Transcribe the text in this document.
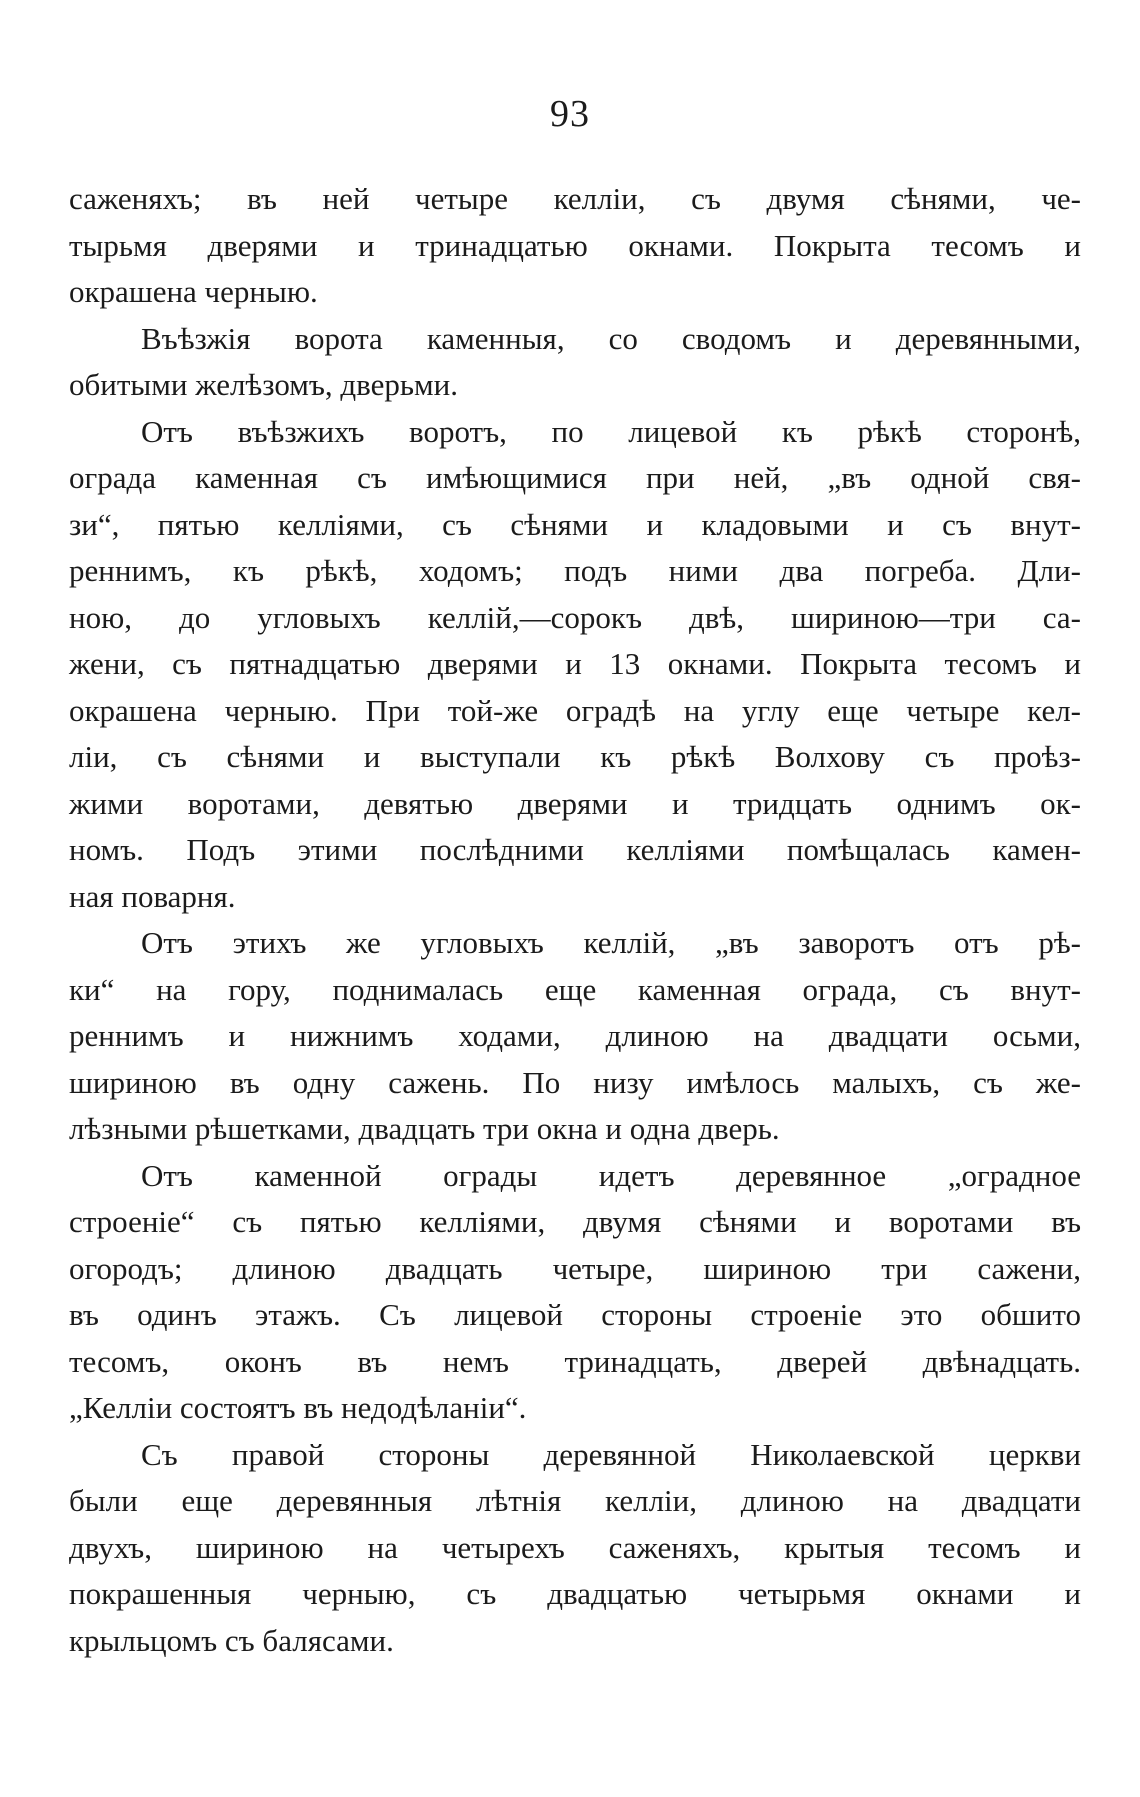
93
саженяхъ; въ ней четыре келліи, съ двумя сѣнями, че-
тырьмя дверями и тринадцатью окнами. Покрыта тесомъ и
окрашена черныю.
Въѣзжія ворота каменныя, со сводомъ и деревянными,
обитыми желѣзомъ, дверьми.
Отъ въѣзжихъ воротъ, по лицевой къ рѣкѣ сторонѣ,
ограда каменная съ имѣющимися при ней, „въ одной свя-
зи“, пятью келліями, съ сѣнями и кладовыми и съ внут-
реннимъ, къ рѣкѣ, ходомъ; подъ ними два погреба. Дли-
ною, до угловыхъ келлій,—сорокъ двѣ, шириною—три са-
жени, съ пятнадцатью дверями и 13 окнами. Покрыта тесомъ и
окрашена черныю. При той-же оградѣ на углу еще четыре кел-
ліи, съ сѣнями и выступали къ рѣкѣ Волхову съ проѣз-
жими воротами, девятью дверями и тридцать однимъ ок-
номъ. Подъ этими послѣдними келліями помѣщалась камен-
ная поварня.
Отъ этихъ же угловыхъ келлій, „въ заворотъ отъ рѣ-
ки“ на гору, поднималась еще каменная ограда, съ внут-
реннимъ и нижнимъ ходами, длиною на двадцати осьми,
шириною въ одну сажень. По низу имѣлось малыхъ, съ же-
лѣзными рѣшетками, двадцать три окна и одна дверь.
Отъ каменной ограды идетъ деревянное „оградное
строеніе“ съ пятью келліями, двумя сѣнями и воротами въ
огородъ; длиною двадцать четыре, шириною три сажени,
въ одинъ этажъ. Съ лицевой стороны строеніе это обшито
тесомъ, оконъ въ немъ тринадцать, дверей двѣнадцать.
„Келліи состоятъ въ недодѣланіи“.
Съ правой стороны деревянной Николаевской церкви
были еще деревянныя лѣтнія келліи, длиною на двадцати
двухъ, шириною на четырехъ саженяхъ, крытыя тесомъ и
покрашенныя черныю, съ двадцатью четырьмя окнами и
крыльцомъ съ балясами.
